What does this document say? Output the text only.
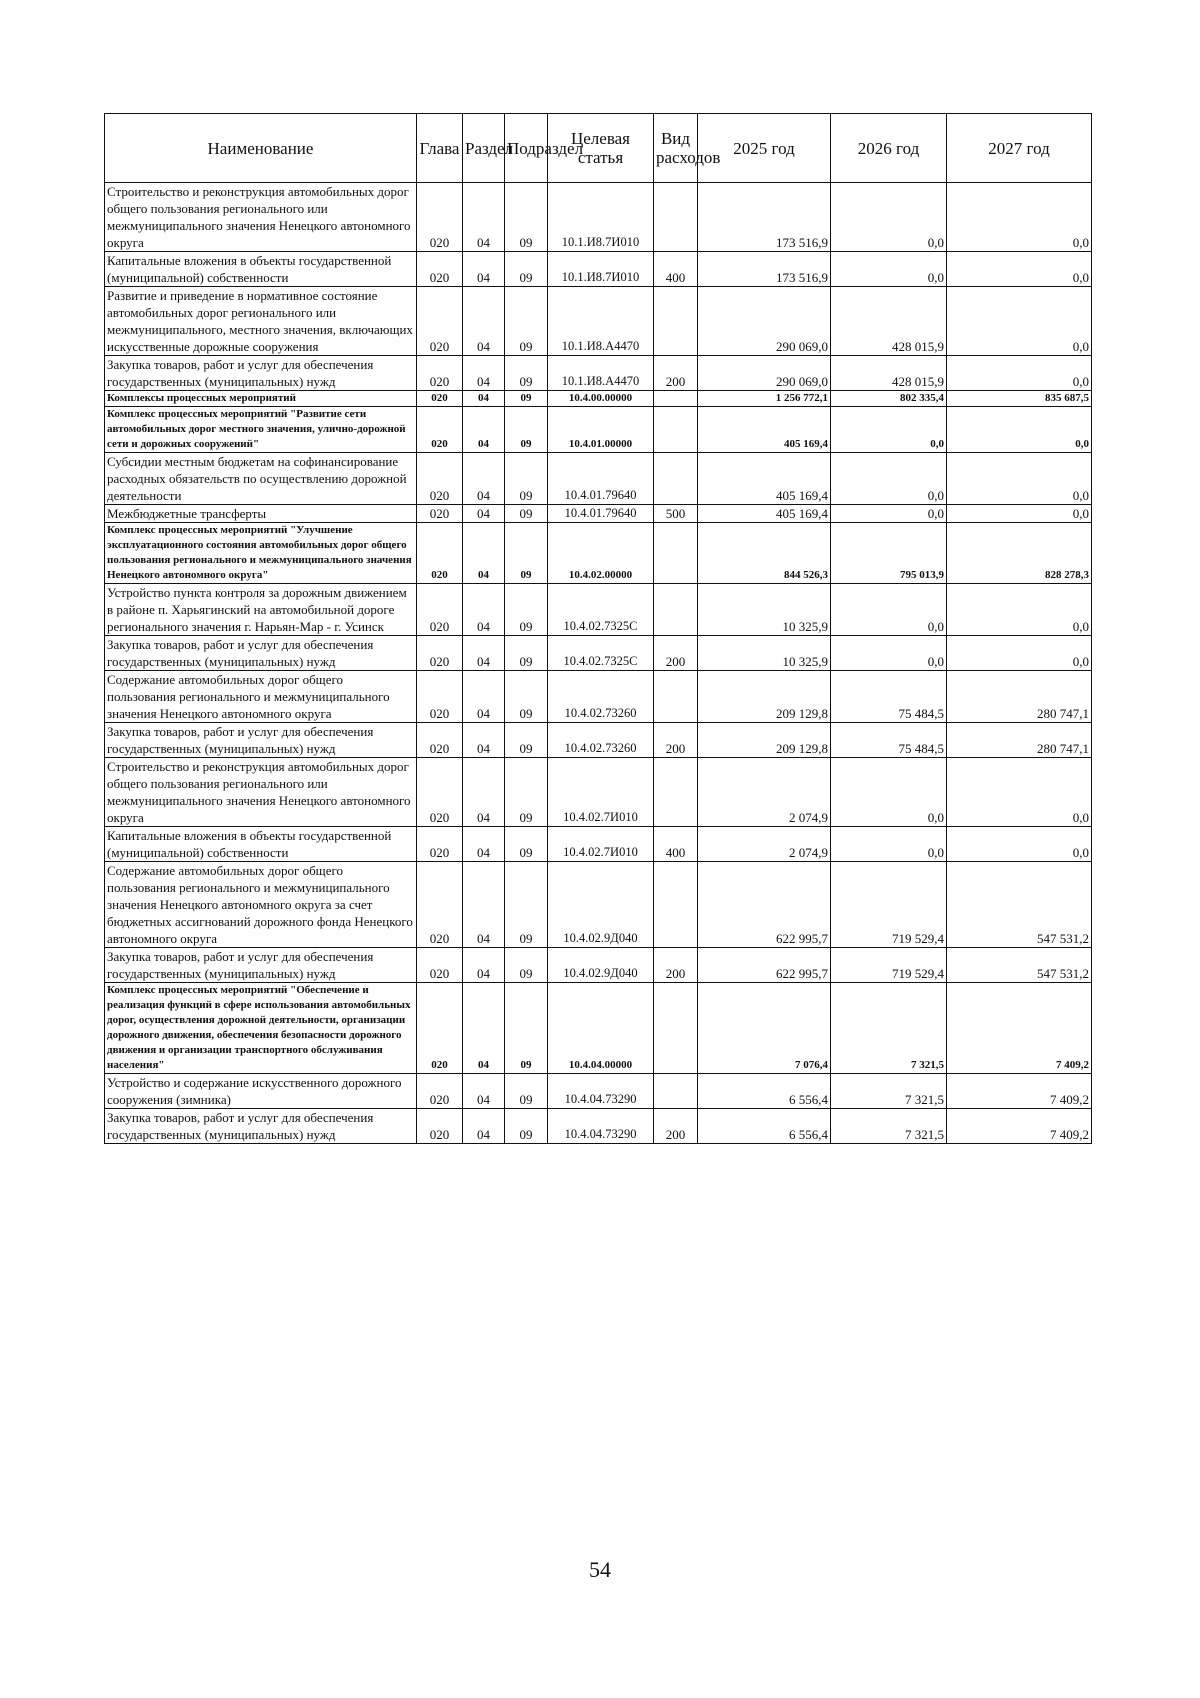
Наименование	Глава	Раздел	Подраздел	Целевая статья	Вид расходов	2025 год	2026 год	2027 год
Строительство и реконструкция автомобильных дорог общего пользования регионального или межмуниципального значения Ненецкого автономного округа	020	04	09	10.1.И8.7И010		173 516,9	0,0	0,0
Капитальные вложения в объекты государственной (муниципальной) собственности	020	04	09	10.1.И8.7И010	400	173 516,9	0,0	0,0
Развитие и приведение в нормативное состояние автомобильных дорог регионального или межмуниципального, местного значения, включающих искусственные дорожные сооружения	020	04	09	10.1.И8.А4470		290 069,0	428 015,9	0,0
Закупка товаров, работ и услуг для обеспечения государственных (муниципальных) нужд	020	04	09	10.1.И8.А4470	200	290 069,0	428 015,9	0,0
Комплексы процессных мероприятий	020	04	09	10.4.00.00000		1 256 772,1	802 335,4	835 687,5
Комплекс процессных мероприятий "Развитие сети автомобильных дорог местного значения, улично-дорожной сети и дорожных сооружений"	020	04	09	10.4.01.00000		405 169,4	0,0	0,0
Субсидии местным бюджетам на софинансирование расходных обязательств по осуществлению дорожной деятельности	020	04	09	10.4.01.79640		405 169,4	0,0	0,0
Межбюджетные трансферты	020	04	09	10.4.01.79640	500	405 169,4	0,0	0,0
Комплекс процессных мероприятий "Улучшение эксплуатационного состояния автомобильных дорог общего пользования регионального и межмуниципального значения Ненецкого автономного округа"	020	04	09	10.4.02.00000		844 526,3	795 013,9	828 278,3
Устройство пункта контроля за дорожным движением в районе п. Харьягинский на автомобильной дороге регионального значения г. Нарьян-Мар - г. Усинск	020	04	09	10.4.02.7325С		10 325,9	0,0	0,0
Закупка товаров, работ и услуг для обеспечения государственных (муниципальных) нужд	020	04	09	10.4.02.7325С	200	10 325,9	0,0	0,0
Содержание автомобильных дорог общего пользования регионального и межмуниципального значения Ненецкого автономного округа	020	04	09	10.4.02.73260		209 129,8	75 484,5	280 747,1
Закупка товаров, работ и услуг для обеспечения государственных (муниципальных) нужд	020	04	09	10.4.02.73260	200	209 129,8	75 484,5	280 747,1
Строительство и реконструкция автомобильных дорог общего пользования регионального или межмуниципального значения Ненецкого автономного округа	020	04	09	10.4.02.7И010		2 074,9	0,0	0,0
Капитальные вложения в объекты государственной (муниципальной) собственности	020	04	09	10.4.02.7И010	400	2 074,9	0,0	0,0
Содержание автомобильных дорог общего пользования регионального и межмуниципального значения Ненецкого автономного округа за счет бюджетных ассигнований дорожного фонда Ненецкого автономного округа	020	04	09	10.4.02.9Д040		622 995,7	719 529,4	547 531,2
Закупка товаров, работ и услуг для обеспечения государственных (муниципальных) нужд	020	04	09	10.4.02.9Д040	200	622 995,7	719 529,4	547 531,2
Комплекс процессных мероприятий "Обеспечение и реализация функций в сфере использования автомобильных дорог, осуществления дорожной деятельности, организации дорожного движения, обеспечения безопасности дорожного движения и организации транспортного обслуживания населения"	020	04	09	10.4.04.00000		7 076,4	7 321,5	7 409,2
Устройство и содержание искусственного дорожного сооружения (зимника)	020	04	09	10.4.04.73290		6 556,4	7 321,5	7 409,2
Закупка товаров, работ и услуг для обеспечения государственных (муниципальных) нужд	020	04	09	10.4.04.73290	200	6 556,4	7 321,5	7 409,2
54
